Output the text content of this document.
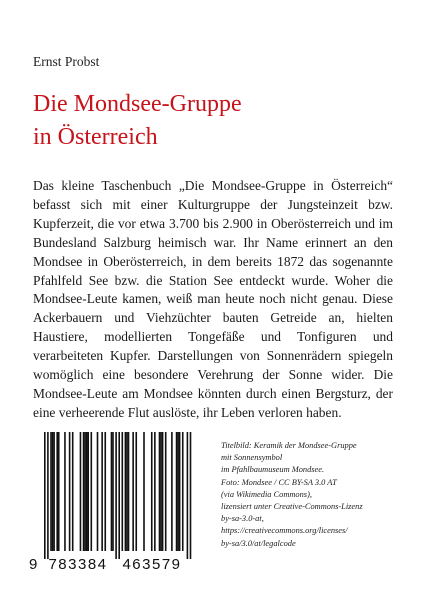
Ernst Probst
Die Mondsee-Gruppe
in Österreich

Das kleine Taschenbuch „Die Mondsee-Gruppe in Österreich“ befasst sich mit einer Kulturgruppe der Jungsteinzeit bzw. Kupferzeit, die vor etwa 3.700 bis 2.900 in Oberösterreich und im Bundesland Salzburg heimisch war. Ihr Name erinnert an den Mondsee in Oberösterreich, in dem bereits 1872 das sogenannte Pfahlfeld See bzw. die Station See entdeckt wurde. Woher die Mondsee-Leute kamen, weiß man heute noch nicht genau. Diese Ackerbauern und Viehzüchter bauten Getreide an, hielten Haustiere, modellierten Tongefäße und Tonfiguren und verarbeiteten Kupfer. Darstellungen von Sonnenrädern spiegeln womöglich eine besondere Verehrung der Sonne wider. Die Mondsee-Leute am Mondsee könnten durch einen Bergsturz, der eine verheerende Flut auslöste, ihr Leben verloren haben.

9 783384 463579

Titelbild: Keramik der Mondsee-Gruppe
mit Sonnensymbol
im Pfahlbaumuseum Mondsee.
Foto: Mondsee / CC BY-SA 3.0 AT
(via Wikimedia Commons),
lizensiert unter Creative-Commons-Lizenz
by-sa-3.0-at,
https://creativecommons.org/licenses/
by-sa/3.0/at/legalcode
